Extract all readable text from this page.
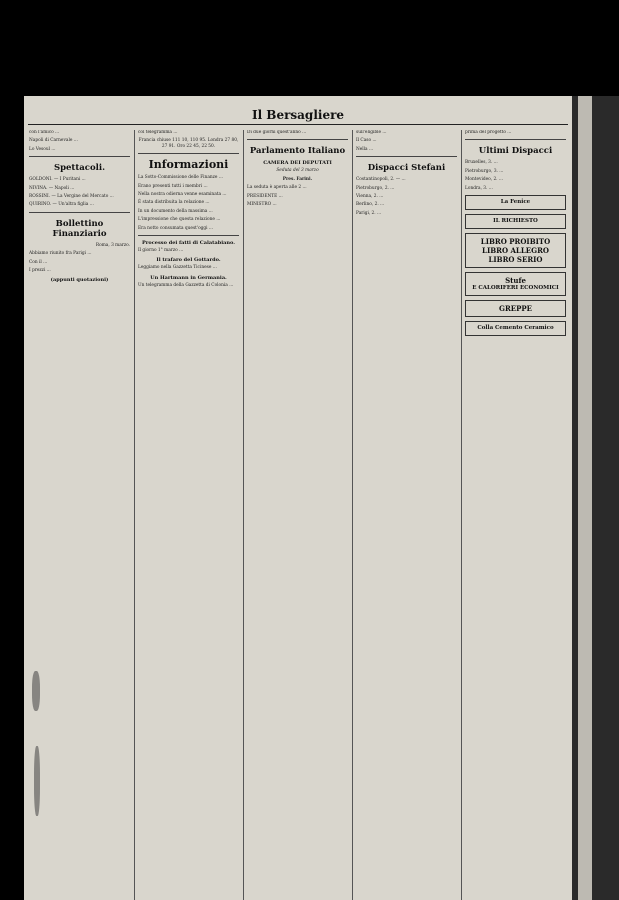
Il Bersagliere

con l'amico ...

Napoli di Carnevale ...

Lo Vesoul ...

Spettacoli.

GOLDONI. — I Puritani ...

NIVINA. — Napoli ...

ROSSINI. — La Vergine del Mercato ...

QUIRINO. — Un'altra figlia ...

Bollettino Finanziario

Roma, 3 marzo.

Abbiamo riunito fra Parigi ...

Con il ...

I prezzi ...

(appunti quotazioni)

col telegramma ...

Francia chiuse 111 10, 110 95. Londra 27 80, 27 91. Oro 22 45, 22 50.

Informazioni

La Sotto-Commissione delle Finanze ...

Erano presenti tutti i membri ...

Nella nostra odierna venne esaminata ...

È stata distribuita la relazione ...

In un documento della massima ...

L'impressione che questa relazione ...

Era notto consumata quest'oggi ...

Processo dei fatti di Calatabiano.

Il giorno 1° marzo ...

Il trafaro del Gottardo.

Leggiamo nella Gazzetta Ticinese ...

Un Hartmann in Germania.

Un telegramma della Gazzetta di Colonia ...

Di due giorni quest'anno ...

Parlamento Italiano
CAMERA DEI DEPUTATI

Seduta del 3 marzo

Pres. Farini.

La seduta è aperta alle 2 ...

PRESIDENTE ...

MINISTRO ...

sull'eligible ...

Il Caso ...

Nella ...

Dispacci Stefani

Costantinopoli, 2. — ...

Pietroburgo, 2. ...

Vienna, 2. ...

Berlino, 2. ...

Parigi, 2. ...

prima del progetto ...

Ultimi Dispacci

Bruxelles, 3. ...

Pietroburgo, 3. ...

Montevideo, 2. ...

Londra, 3. ...

La Fenice
IL RICHIESTO
LIBRO PROIBITO
LIBRO ALLEGRO
LIBRO SERIO
Stufe
E CALORIFERI ECONOMICI
GREPPE
Colla Cemento Ceramico
